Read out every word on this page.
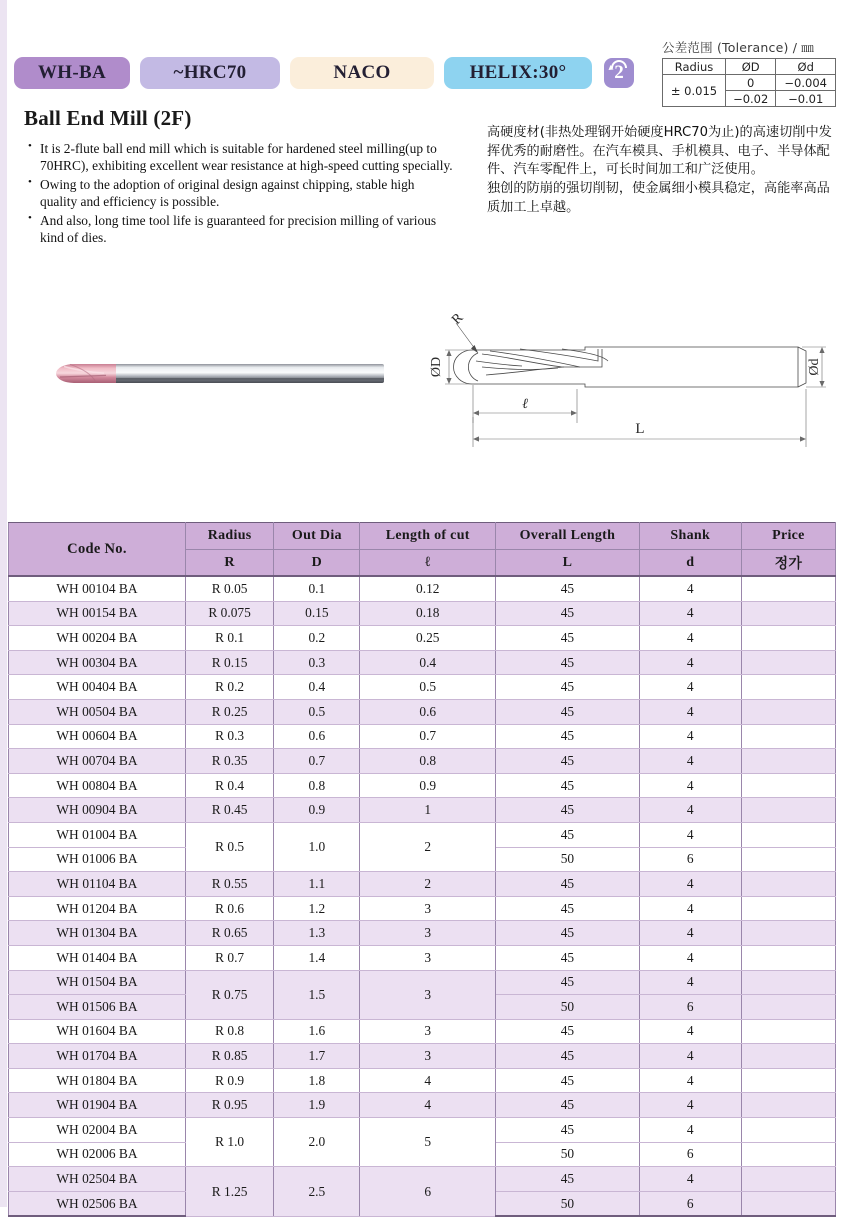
WH-BA	~HRC70	NACO	HELIX:30°	2
公差范围 (Tolerance) / ㎜
Radius	ØD	Ød
± 0.015	0	−0.004
	−0.02	−0.01
Ball End Mill (2F)
• It is 2-flute ball end mill which is suitable for hardened steel milling(up to 70HRC), exhibiting excellent wear resistance at high-speed cutting specially.
• Owing to the adoption of original design against chipping, stable high quality and efficiency is possible.
• And also, long time tool life is guaranteed for precision milling of various kind of dies.

高硬度材(非热处理钢开始硬度HRC70为止)的高速切削中发挥优秀的耐磨性。在汽车模具、手机模具、电子、半导体配件、汽车零配件上，可长时间加工和广泛使用。

独创的防崩的强切削韧，使金属细小模具稳定，高能率高品质加工上卓越。

R
ØD	Ød
ℓ
L
Code No.	Radius	Out Dia	Length of cut	Overall Length	Shank	Price
	R	D	ℓ	L	d	정가
WH 00104 BA	R 0.05	0.1	0.12	45	4	
WH 00154 BA	R 0.075	0.15	0.18	45	4	
WH 00204 BA	R 0.1	0.2	0.25	45	4	
WH 00304 BA	R 0.15	0.3	0.4	45	4	
WH 00404 BA	R 0.2	0.4	0.5	45	4	
WH 00504 BA	R 0.25	0.5	0.6	45	4	
WH 00604 BA	R 0.3	0.6	0.7	45	4	
WH 00704 BA	R 0.35	0.7	0.8	45	4	
WH 00804 BA	R 0.4	0.8	0.9	45	4	
WH 00904 BA	R 0.45	0.9	1	45	4	
WH 01004 BA	R 0.5	1.0	2	45	4	
WH 01006 BA				50	6	
WH 01104 BA	R 0.55	1.1	2	45	4	
WH 01204 BA	R 0.6	1.2	3	45	4	
WH 01304 BA	R 0.65	1.3	3	45	4	
WH 01404 BA	R 0.7	1.4	3	45	4	
WH 01504 BA	R 0.75	1.5	3	45	4	
WH 01506 BA				50	6	
WH 01604 BA	R 0.8	1.6	3	45	4	
WH 01704 BA	R 0.85	1.7	3	45	4	
WH 01804 BA	R 0.9	1.8	4	45	4	
WH 01904 BA	R 0.95	1.9	4	45	4	
WH 02004 BA	R 1.0	2.0	5	45	4	
WH 02006 BA				50	6	
WH 02504 BA	R 1.25	2.5	6	45	4	
WH 02506 BA				50	6	
